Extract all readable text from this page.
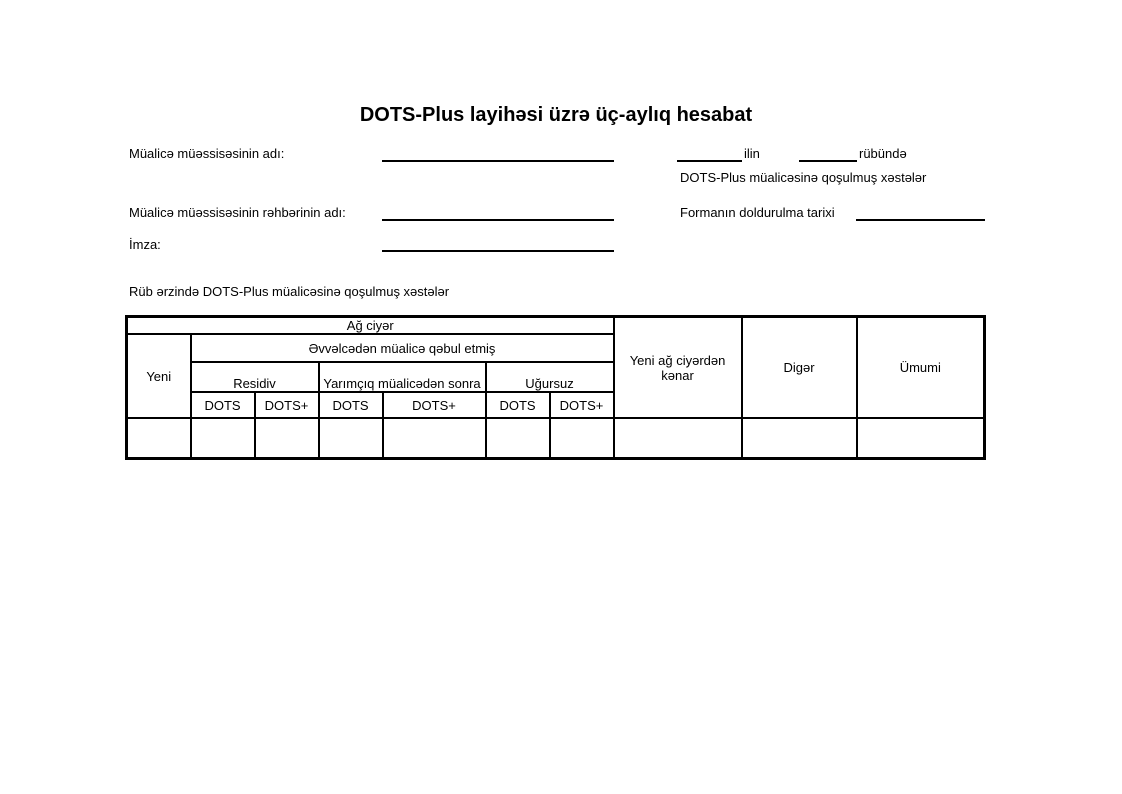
DOTS-Plus layihəsi üzrə üç-aylıq hesabat
Müalicə müəssisəsinin adı:
Müalicə müəssisəsinin rəhbərinin adı:
İmza:
ilin	rübündə
DOTS-Plus müalicəsinə qoşulmuş xəstələr
Formanın doldurulma tarixi
Rüb ərzində DOTS-Plus müalicəsinə qoşulmuş xəstələr
Ağ ciyər							Yeni ağ ciyərdən kənar	Digər	Ümumi
Yeni	Əvvəlcədən müalicə qəbul etmiş								
	Residiv		Yarımçıq müalicədən sonra		Uğursuz				
	DOTS	DOTS+	DOTS	DOTS+	DOTS	DOTS+			
